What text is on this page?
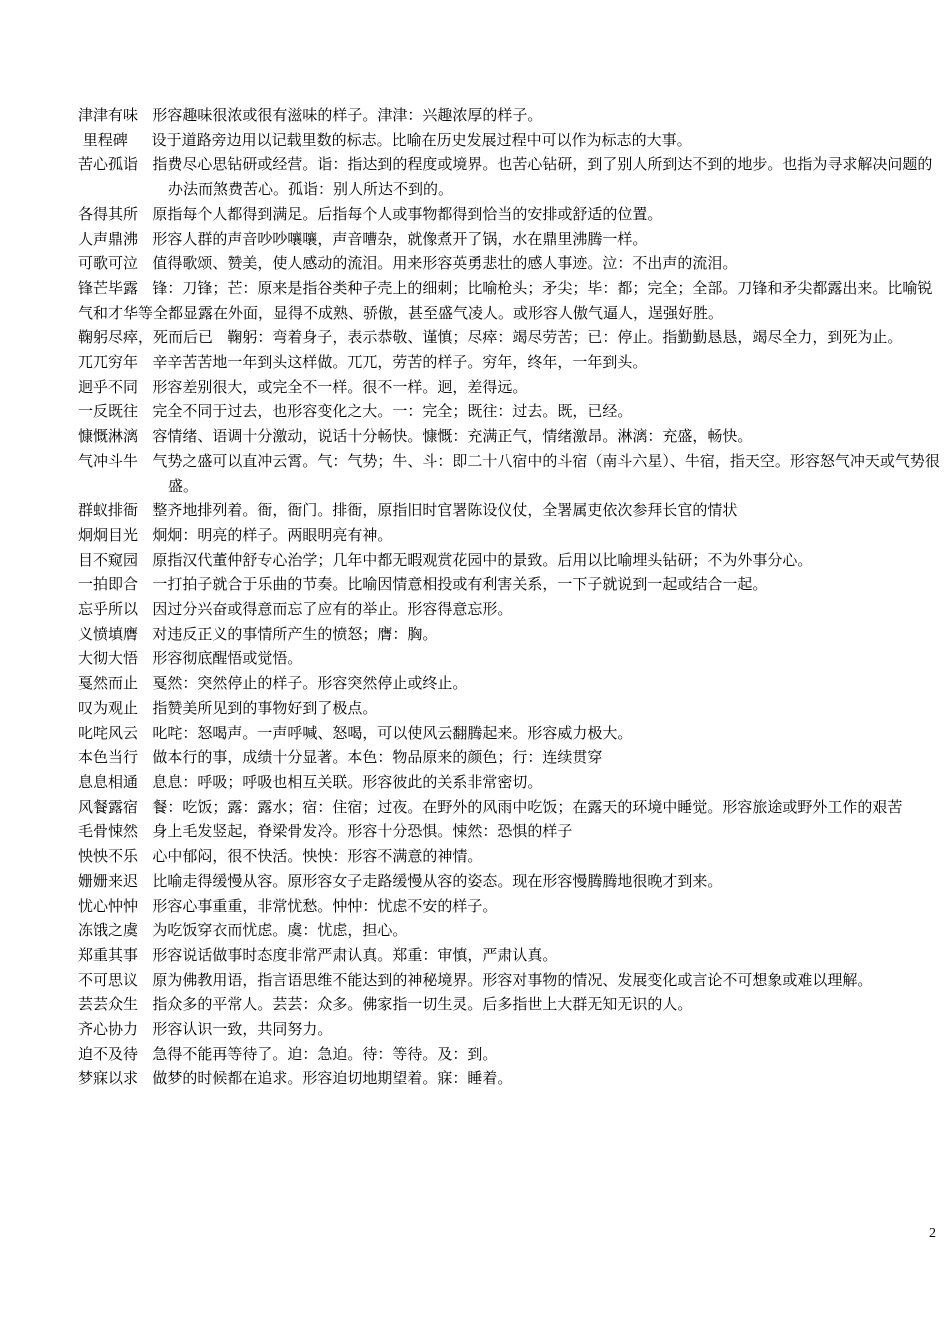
津津有味 形容趣味很浓或很有滋味的样子。津津：兴趣浓厚的样子。
里程碑 设于道路旁边用以记载里数的标志。比喻在历史发展过程中可以作为标志的大事。
苦心孤诣 指费尽心思钻研或经营。诣：指达到的程度或境界。也苦心钻研，到了别人所到达不到的地步。也指为寻求解决问题的办法而煞费苦心。孤诣：别人所达不到的。
各得其所 原指每个人都得到满足。后指每个人或事物都得到恰当的安排或舒适的位置。
人声鼎沸 形容人群的声音吵吵嚷嚷，声音嘈杂，就像煮开了锅，水在鼎里沸腾一样。
可歌可泣 值得歌颂、赞美，使人感动的流泪。用来形容英勇悲壮的感人事迹。泣：不出声的流泪。
锋芒毕露 锋：刀锋；芒：原来是指谷类种子壳上的细刺；比喻枪头；矛尖；毕：都；完全；全部。刀锋和矛尖都露出来。比喻锐气和才华等全都显露在外面，显得不成熟、骄傲，甚至盛气凌人。或形容人傲气逼人，逞强好胜。
鞠躬尽瘁，死而后已 鞠躬：弯着身子，表示恭敬、谨慎；尽瘁：竭尽劳苦；已：停止。指勤勤恳恳，竭尽全力，到死为止。
兀兀穷年 辛辛苦苦地一年到头这样做。兀兀，劳苦的样子。穷年，终年，一年到头。
迥乎不同 形容差别很大，或完全不一样。很不一样。迥，差得远。
一反既往 完全不同于过去，也形容变化之大。一：完全；既往：过去。既，已经。
慷慨淋漓 容情绪、语调十分激动，说话十分畅快。慷慨：充满正气，情绪激昂。淋漓：充盛，畅快。
气冲斗牛 气势之盛可以直冲云霄。气：气势；牛、斗：即二十八宿中的斗宿（南斗六星）、牛宿，指天空。形容怒气冲天或气势很盛。
群蚁排衙 整齐地排列着。衙，衙门。排衙，原指旧时官署陈设仪仗，全署属吏依次参拜长官的情状
炯炯目光 炯炯：明亮的样子。两眼明亮有神。
目不窥园 原指汉代董仲舒专心治学；几年中都无暇观赏花园中的景致。后用以比喻埋头钻研；不为外事分心。
一拍即合 一打拍子就合于乐曲的节奏。比喻因情意相投或有利害关系，一下子就说到一起或结合一起。
忘乎所以 因过分兴奋或得意而忘了应有的举止。形容得意忘形。
义愤填膺 对违反正义的事情所产生的愤怒；膺：胸。
大彻大悟 形容彻底醒悟或觉悟。
戛然而止 戛然：突然停止的样子。形容突然停止或终止。
叹为观止 指赞美所见到的事物好到了极点。
叱咤风云 叱咤：怒喝声。一声呼喊、怒喝，可以使风云翻腾起来。形容威力极大。
本色当行 做本行的事，成绩十分显著。本色：物品原来的颜色；行：连续贯穿
息息相通 息息：呼吸；呼吸也相互关联。形容彼此的关系非常密切。
风餐露宿 餐：吃饭；露：露水；宿：住宿；过夜。在野外的风雨中吃饭；在露天的环境中睡觉。形容旅途或野外工作的艰苦
毛骨悚然 身上毛发竖起，脊梁骨发冷。形容十分恐惧。悚然：恐惧的样子
怏怏不乐 心中郁闷，很不快活。怏怏：形容不满意的神情。
姗姗来迟 比喻走得缓慢从容。原形容女子走路缓慢从容的姿态。现在形容慢腾腾地很晚才到来。
忧心忡忡 形容心事重重，非常忧愁。忡忡：忧虑不安的样子。
冻饿之虞 为吃饭穿衣而忧虑。虞：忧虑，担心。
郑重其事 形容说话做事时态度非常严肃认真。郑重：审慎，严肃认真。
不可思议 原为佛教用语，指言语思维不能达到的神秘境界。形容对事物的情况、发展变化或言论不可想象或难以理解。
芸芸众生 指众多的平常人。芸芸：众多。佛家指一切生灵。后多指世上大群无知无识的人。
齐心协力 形容认识一致，共同努力。
迫不及待 急得不能再等待了。迫：急迫。待：等待。及：到。
梦寐以求 做梦的时候都在追求。形容迫切地期望着。寐：睡着。
2
